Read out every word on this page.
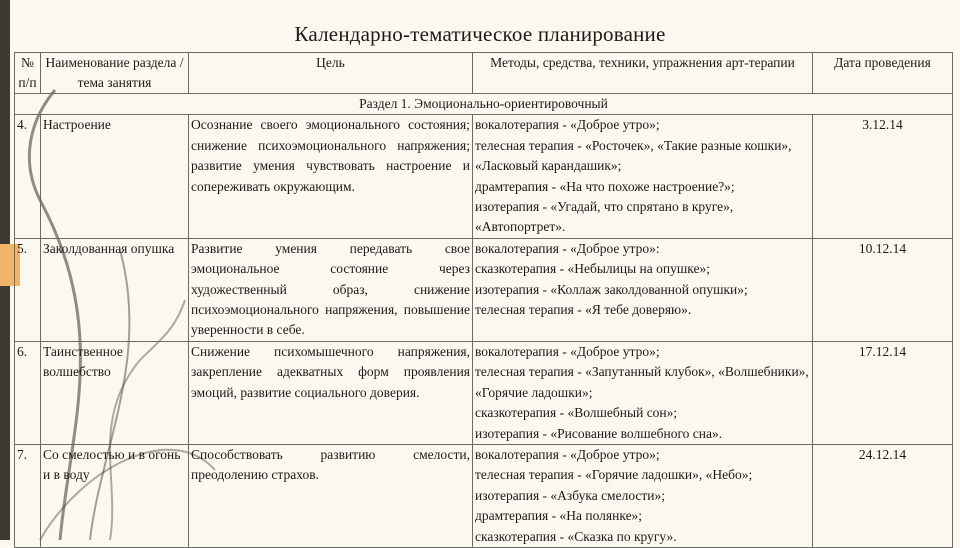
Календарно-тематическое планирование
№ п/п	Наименование раздела / тема занятия	Цель	Методы, средства, техники, упражнения арт-терапии	Дата проведения
Раздел 1. Эмоционально-ориентировочный				
4.	Настроение	Осознание своего эмоционального состояния; снижение психоэмоционального напряжения; развитие умения чувствовать настроение и сопереживать окружающим.	вокалотерапия - «Доброе утро»;
телесная терапия - «Росточек», «Такие разные кошки», «Ласковый карандашик»;
драмтерапия - «На что похоже настроение?»;
изотерапия - «Угадай, что спрятано в круге», «Автопортрет».	3.12.14
5.	Заколдованная опушка	Развитие умения передавать свое эмоциональное состояние через художественный образ, снижение психоэмоционального напряжения, повышение уверенности в себе.	вокалотерапия - «Доброе утро»:
сказкотерапия - «Небылицы на опушке»;
изотерапия - «Коллаж заколдованной опушки»;
телесная терапия - «Я тебе доверяю».	10.12.14
6.	Таинственное волшебство	Снижение психомышечного напряжения, закрепление адекватных форм проявления эмоций, развитие социального доверия.	вокалотерапия - «Доброе утро»;
телесная терапия - «Запутанный клубок», «Волшебники», «Горячие ладошки»;
сказкотерапия - «Волшебный сон»;
изотерапия - «Рисование волшебного сна».	17.12.14
7.	Со смелостью и в огонь и в воду	Способствовать развитию смелости, преодолению страхов.	вокалотерапия - «Доброе утро»;
телесная терапия - «Горячие ладошки», «Небо»;
изотерапия - «Азбука смелости»;
драмтерапия - «На полянке»;
сказкотерапия - «Сказка по кругу».	24.12.14
